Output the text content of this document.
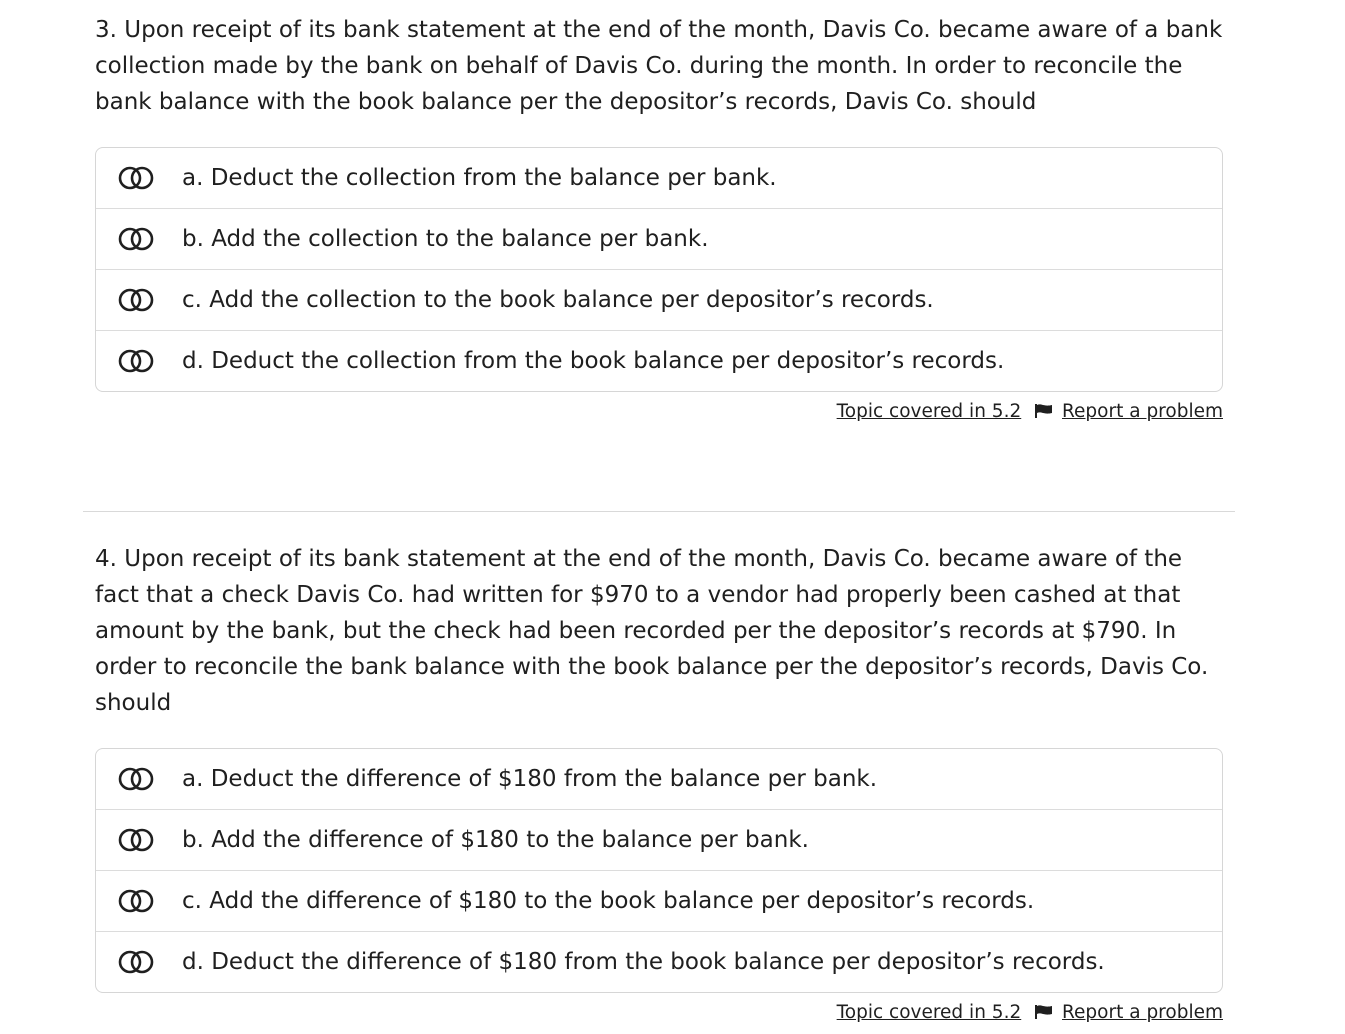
3. Upon receipt of its bank statement at the end of the month, Davis Co. became aware of a bank collection made by the bank on behalf of Davis Co. during the month. In order to reconcile the bank balance with the book balance per the depositor’s records, Davis Co. should

a. Deduct the collection from the balance per bank.
b. Add the collection to the balance per bank.
c. Add the collection to the book balance per depositor’s records.
d. Deduct the collection from the book balance per depositor’s records.
Topic covered in 5.2 Report a problem

4. Upon receipt of its bank statement at the end of the month, Davis Co. became aware of the fact that a check Davis Co. had written for $970 to a vendor had properly been cashed at that amount by the bank, but the check had been recorded per the depositor’s records at $790. In order to reconcile the bank balance with the book balance per the depositor’s records, Davis Co. should

a. Deduct the difference of $180 from the balance per bank.
b. Add the difference of $180 to the balance per bank.
c. Add the difference of $180 to the book balance per depositor’s records.
d. Deduct the difference of $180 from the book balance per depositor’s records.
Topic covered in 5.2 Report a problem
